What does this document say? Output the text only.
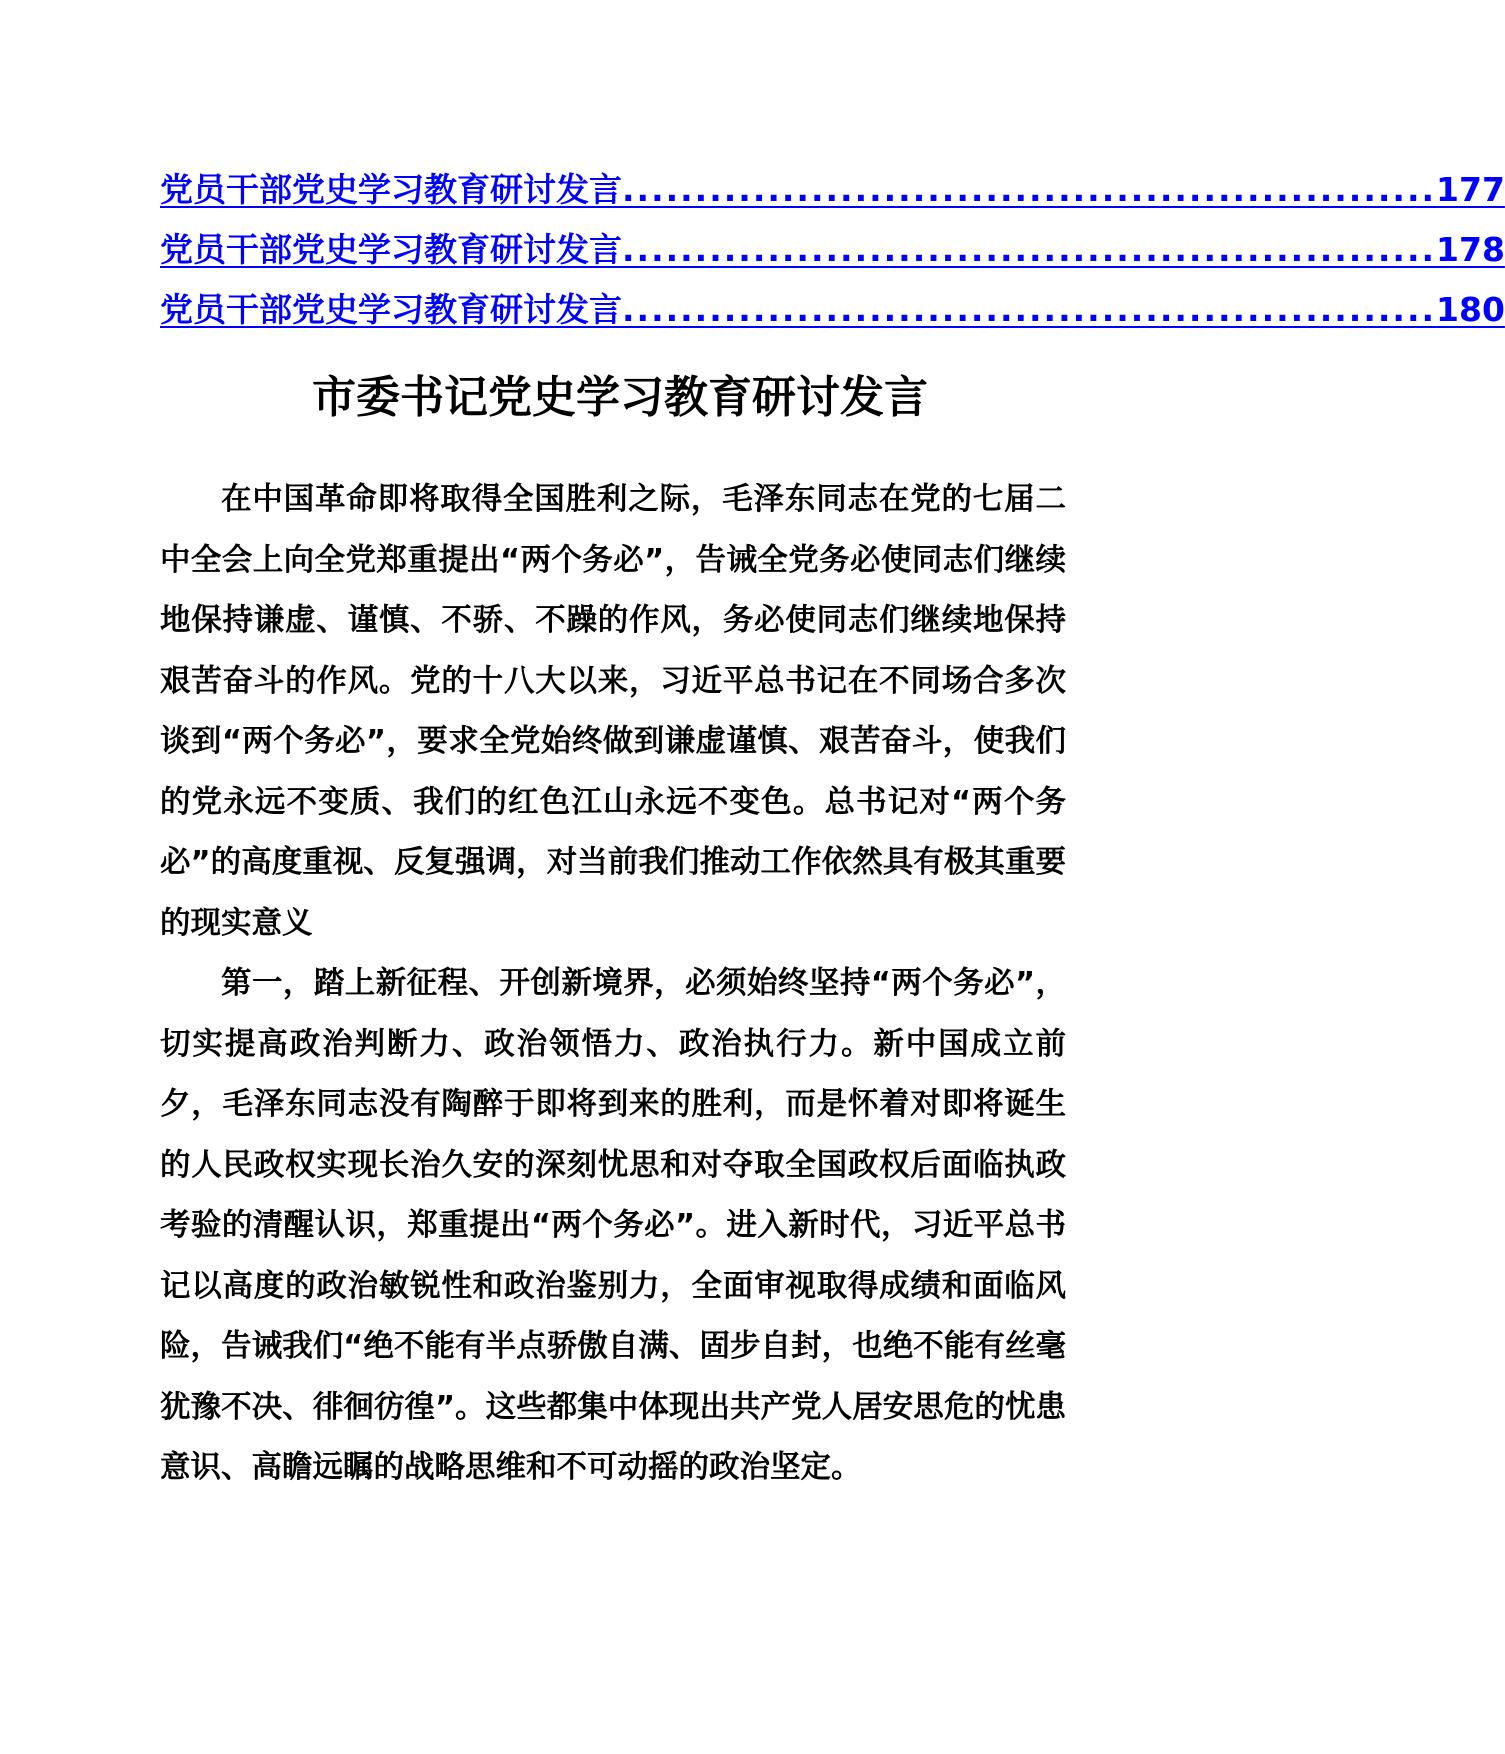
党员干部党史学习教育研讨发言 ........................................................ 177
党员干部党史学习教育研讨发言 ........................................................ 178
党员干部党史学习教育研讨发言 ........................................................ 180
市委书记党史学习教育研讨发言

在中国革命即将取得全国胜利之际，毛泽东同志在党的七届二中全会上向全党郑重提出“两个务必”，告诫全党务必使同志们继续地保持谦虚、谨慎、不骄、不躁的作风，务必使同志们继续地保持艰苦奋斗的作风。党的十八大以来，习近平总书记在不同场合多次谈到“两个务必”，要求全党始终做到谦虚谨慎、艰苦奋斗，使我们的党永远不变质、我们的红色江山永远不变色。总书记对“两个务必”的高度重视、反复强调，对当前我们推动工作依然具有极其重要的现实意义

第一，踏上新征程、开创新境界，必须始终坚持“两个务必”，切实提高政治判断力、政治领悟力、政治执行力。新中国成立前夕，毛泽东同志没有陶醉于即将到来的胜利，而是怀着对即将诞生的人民政权实现长治久安的深刻忧思和对夺取全国政权后面临执政考验的清醒认识，郑重提出“两个务必”。进入新时代，习近平总书记以高度的政治敏锐性和政治鉴别力，全面审视取得成绩和面临风险，告诫我们“绝不能有半点骄傲自满、固步自封，也绝不能有丝毫犹豫不决、徘徊彷徨”。这些都集中体现出共产党人居安思危的忧患意识、高瞻远瞩的战略思维和不可动摇的政治坚定。
